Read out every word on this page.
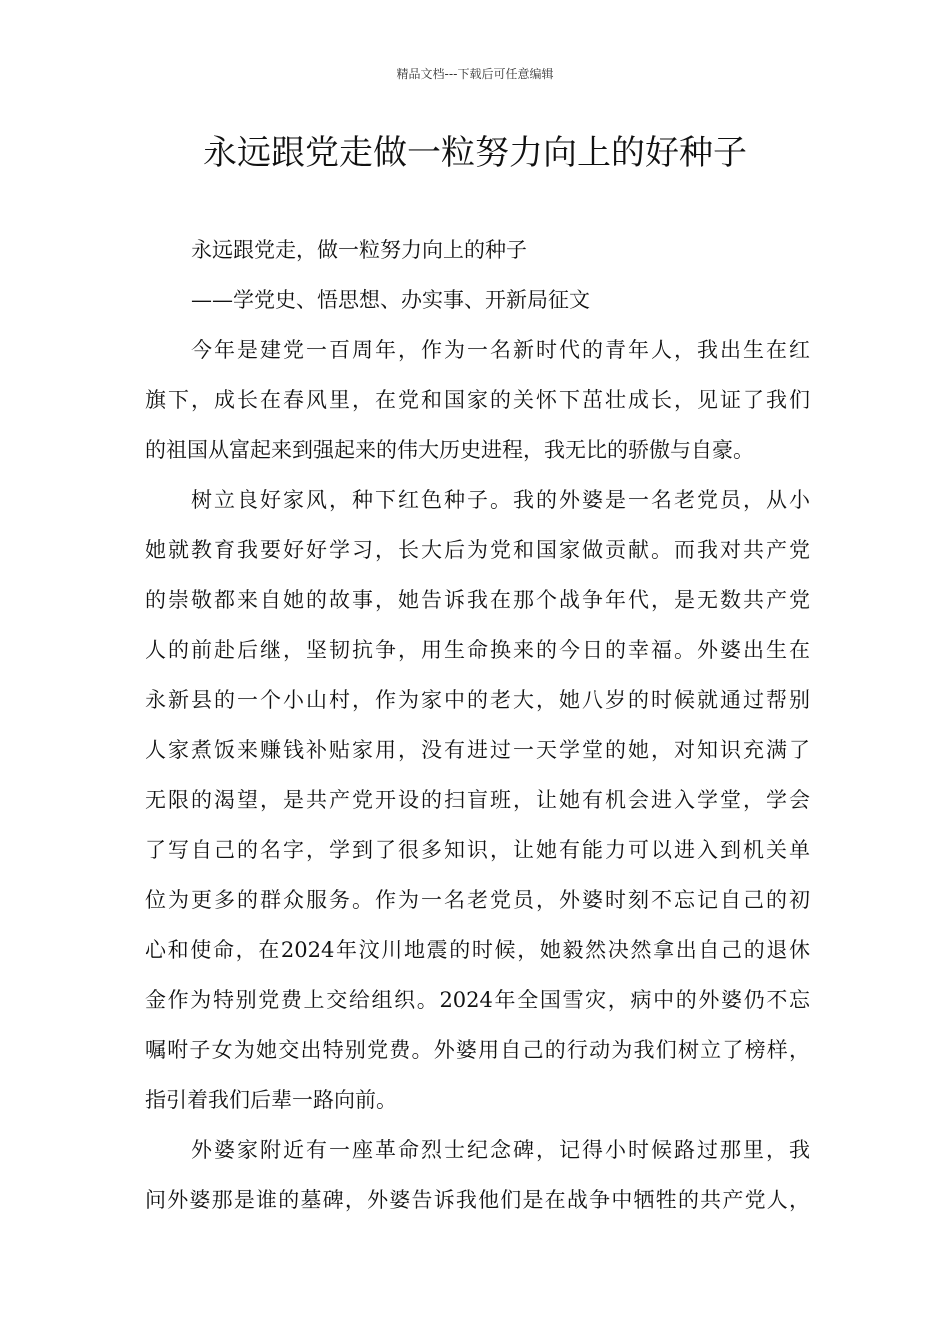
精品文档---下载后可任意编辑
永远跟党走做一粒努力向上的好种子
永远跟党走，做一粒努力向上的种子
——学党史、悟思想、办实事、开新局征文
今年是建党一百周年，作为一名新时代的青年人，我出生在红
旗下，成长在春风里，在党和国家的关怀下茁壮成长，见证了我们
的祖国从富起来到强起来的伟大历史进程，我无比的骄傲与自豪。
树立良好家风，种下红色种子。我的外婆是一名老党员，从小
她就教育我要好好学习，长大后为党和国家做贡献。而我对共产党
的崇敬都来自她的故事，她告诉我在那个战争年代，是无数共产党
人的前赴后继，坚韧抗争，用生命换来的今日的幸福。外婆出生在
永新县的一个小山村，作为家中的老大，她八岁的时候就通过帮别
人家煮饭来赚钱补贴家用，没有进过一天学堂的她，对知识充满了
无限的渴望，是共产党开设的扫盲班，让她有机会进入学堂，学会
了写自己的名字，学到了很多知识，让她有能力可以进入到机关单
位为更多的群众服务。作为一名老党员，外婆时刻不忘记自己的初
心和使命，在2024年汶川地震的时候，她毅然决然拿出自己的退休
金作为特别党费上交给组织。2024年全国雪灾，病中的外婆仍不忘
嘱咐子女为她交出特别党费。外婆用自己的行动为我们树立了榜样，
指引着我们后辈一路向前。
外婆家附近有一座革命烈士纪念碑，记得小时候路过那里，我
问外婆那是谁的墓碑，外婆告诉我他们是在战争中牺牲的共产党人，
